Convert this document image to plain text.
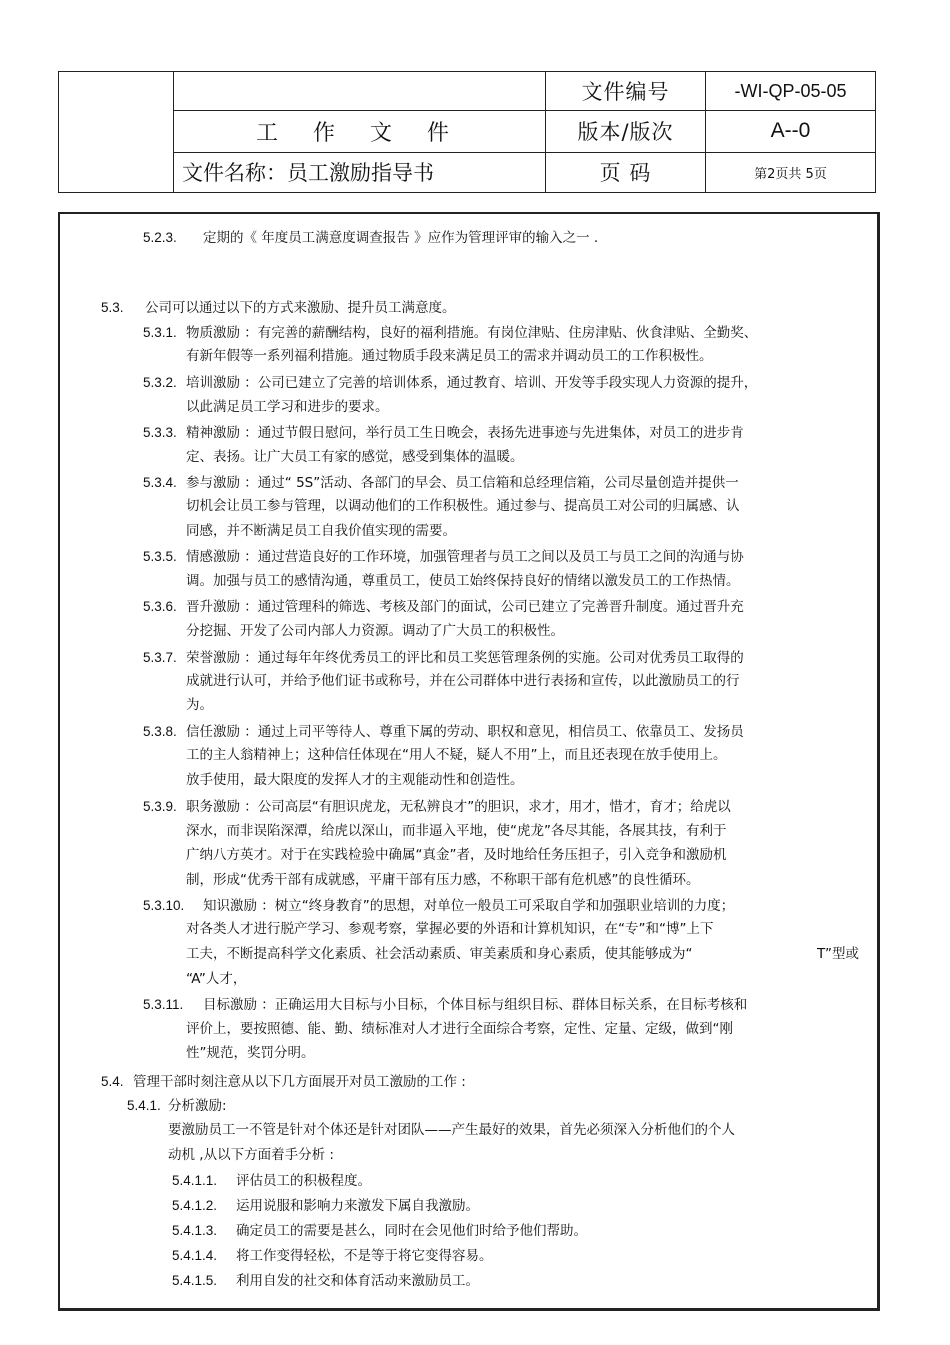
		文件编号	-WI-QP-05-05
	工 作 文 件	版本/版次	A--0
	文件名称：员工激励指导书	页 码	第2页共 5页
5.2.3. 定期的《 年度员工满意度调查报告 》应作为管理评审的输入之一 .
5.3. 公司可以通过以下的方式来激励、提升员工满意度。
5.3.1. 物质激励 ：有完善的薪酬结构，良好的福利措施。有岗位津贴、住房津贴、伙食津贴、全勤奖、
有新年假等一系列福利措施。通过物质手段来满足员工的需求并调动员工的工作积极性。
5.3.2. 培训激励 ：公司已建立了完善的培训体系，通过教育、培训、开发等手段实现人力资源的提升，
以此满足员工学习和进步的要求。
5.3.3. 精神激励 ：通过节假日慰问，举行员工生日晚会，表扬先进事迹与先进集体，对员工的进步肯
定、表扬。让广大员工有家的感觉，感受到集体的温暖。
5.3.4. 参与激励 ：通过“ 5S”活动、各部门的早会、员工信箱和总经理信箱，公司尽量创造并提供一
切机会让员工参与管理，以调动他们的工作积极性。通过参与、提高员工对公司的归属感、认
同感，并不断满足员工自我价值实现的需要。
5.3.5. 情感激励 ：通过营造良好的工作环境，加强管理者与员工之间以及员工与员工之间的沟通与协
调。加强与员工的感情沟通，尊重员工，使员工始终保持良好的情绪以激发员工的工作热情。
5.3.6. 晋升激励 ：通过管理科的筛选、考核及部门的面试，公司已建立了完善晋升制度。通过晋升充
分挖掘、开发了公司内部人力资源。调动了广大员工的积极性。
5.3.7. 荣誉激励 ：通过每年年终优秀员工的评比和员工奖惩管理条例的实施。公司对优秀员工取得的
成就进行认可，并给予他们证书或称号，并在公司群体中进行表扬和宣传，以此激励员工的行
为。
5.3.8. 信任激励 ：通过上司平等待人、尊重下属的劳动、职权和意见，相信员工、依靠员工、发扬员
工的主人翁精神上；这种信任体现在“用人不疑，疑人不用”上，而且还表现在放手使用上。
放手使用，最大限度的发挥人才的主观能动性和创造性。
5.3.9. 职务激励 ：公司高层“有胆识虎龙，无私辨良才”的胆识，求才，用才，惜才，育才；给虎以
深水，而非误陷深潭，给虎以深山，而非逼入平地，使“虎龙”各尽其能，各展其技，有利于
广纳八方英才。对于在实践检验中确属“真金”者，及时地给任务压担子，引入竞争和激励机
制，形成“优秀干部有成就感，平庸干部有压力感，不称职干部有危机感”的良性循环。
5.3.10. 知识激励 ：树立“终身教育”的思想，对单位一般员工可采取自学和加强职业培训的力度；
对各类人才进行脱产学习、参观考察，掌握必要的外语和计算机知识，在“专”和“博”上下
工夫，不断提高科学文化素质、社会活动素质、审美素质和身心素质，使其能够成为“	T”型或
“A”人才，
5.3.11. 目标激励 ：正确运用大目标与小目标，个体目标与组织目标、群体目标关系，在目标考核和
评价上，要按照德、能、勤、绩标准对人才进行全面综合考察，定性、定量、定级，做到“刚
性”规范，奖罚分明。
5.4. 管理干部时刻注意从以下几方面展开对员工激励的工作 :
5.4.1. 分析激励:
要激励员工一不管是针对个体还是针对团队——产生最好的效果，首先必须深入分析他们的个人
动机 ,从以下方面着手分析 :
5.4.1.1. 评估员工的积极程度。
5.4.1.2. 运用说服和影响力来激发下属自我激励。
5.4.1.3. 确定员工的需要是甚么，同时在会见他们时给予他们帮助。
5.4.1.4. 将工作变得轻松，不是等于将它变得容易。
5.4.1.5. 利用自发的社交和体育活动来激励员工。
